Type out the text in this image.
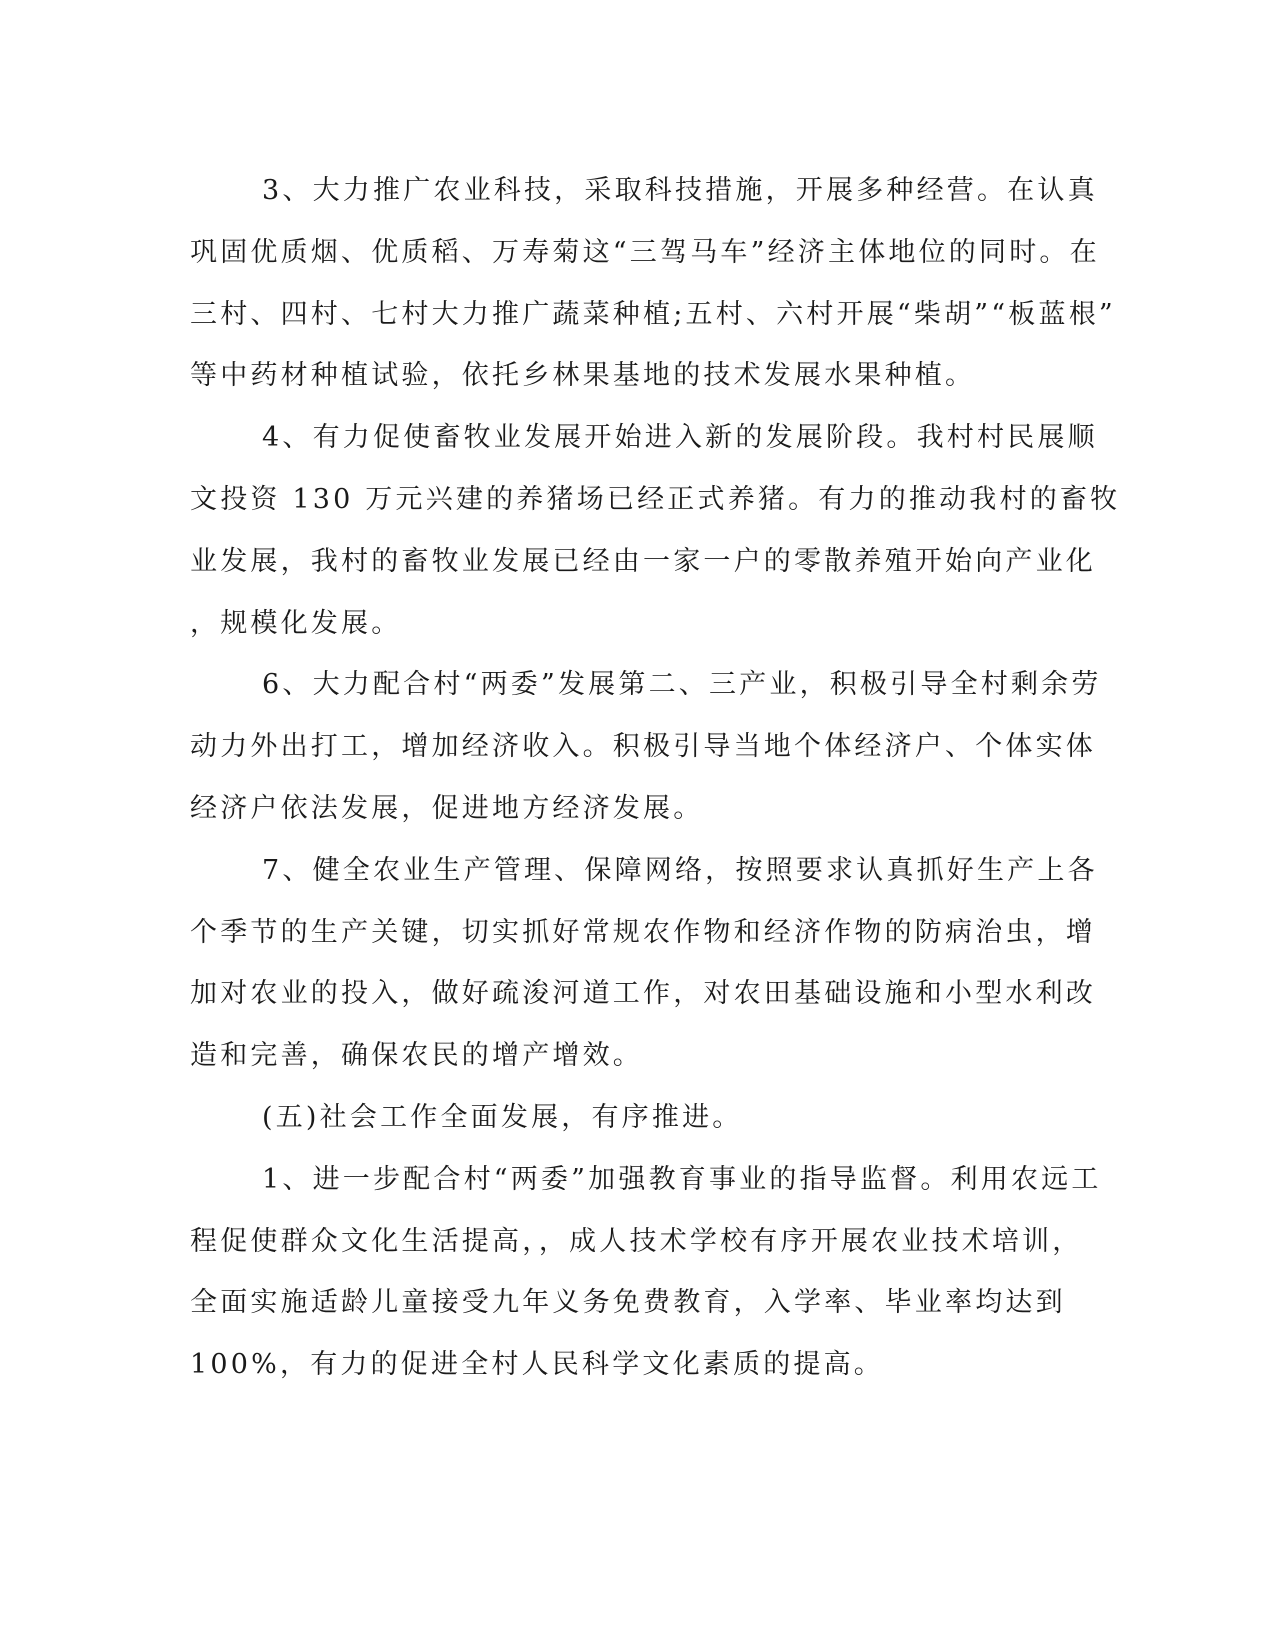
3、大力推广农业科技，采取科技措施，开展多种经营。在认真
巩固优质烟、优质稻、万寿菊这“三驾马车”经济主体地位的同时。在
三村、四村、七村大力推广蔬菜种植;五村、六村开展“柴胡”“板蓝根”
等中药材种植试验，依托乡林果基地的技术发展水果种植。
4、有力促使畜牧业发展开始进入新的发展阶段。我村村民展顺
文投资 130 万元兴建的养猪场已经正式养猪。有力的推动我村的畜牧
业发展，我村的畜牧业发展已经由一家一户的零散养殖开始向产业化
，规模化发展。
6、大力配合村“两委”发展第二、三产业，积极引导全村剩余劳
动力外出打工，增加经济收入。积极引导当地个体经济户、个体实体
经济户依法发展，促进地方经济发展。
7、健全农业生产管理、保障网络，按照要求认真抓好生产上各
个季节的生产关键，切实抓好常规农作物和经济作物的防病治虫，增
加对农业的投入，做好疏浚河道工作，对农田基础设施和小型水利改
造和完善，确保农民的增产增效。
(五)社会工作全面发展，有序推进。
1、进一步配合村“两委”加强教育事业的指导监督。利用农远工
程促使群众文化生活提高，，成人技术学校有序开展农业技术培训，
全面实施适龄儿童接受九年义务免费教育，入学率、毕业率均达到
100%，有力的促进全村人民科学文化素质的提高。
